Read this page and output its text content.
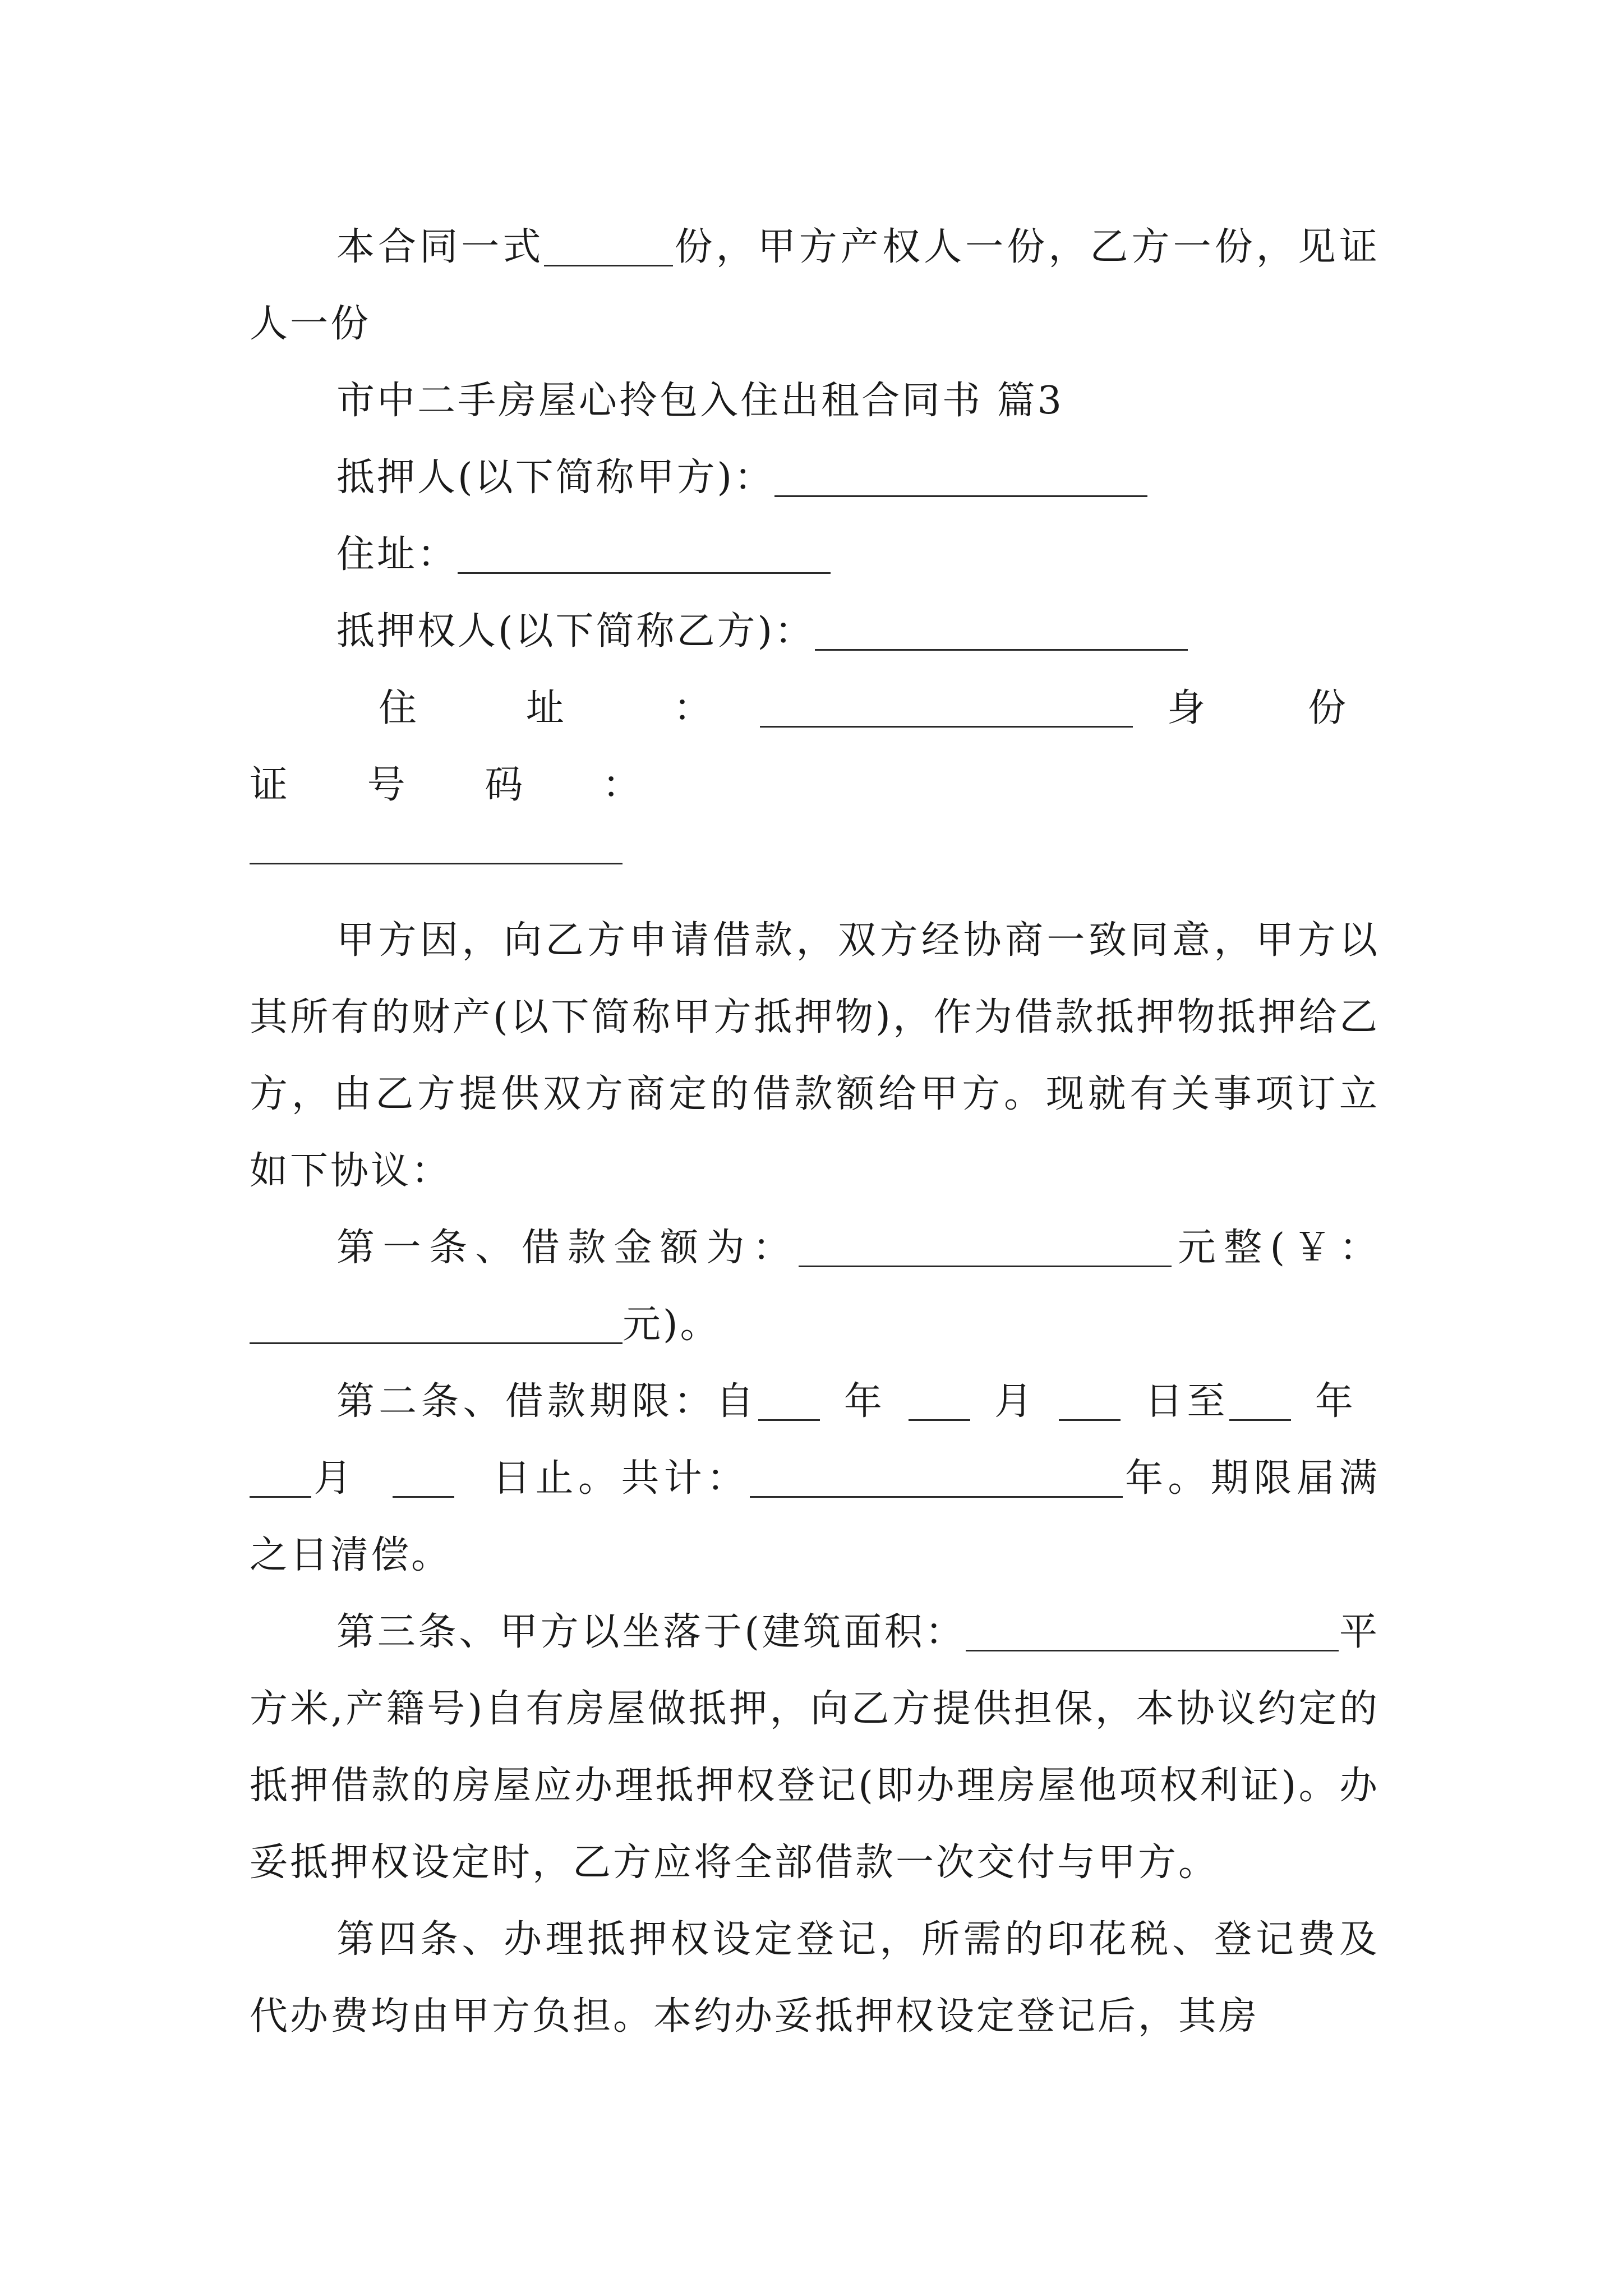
本合同一式	份，甲方产权人一份，乙方一份，见证人一份

市中二手房屋心拎包入住出租合同书 篇3

抵押人(以下简称甲方)：

住址：

抵押权人(以下简称乙方)：

住 址 ：	身 份 证 号 码 ：

甲方因，向乙方申请借款，双方经协商一致同意，甲方以其所有的财产(以下简称甲方抵押物)，作为借款抵押物抵押给乙方，由乙方提供双方商定的借款额给甲方。现就有关事项订立如下协议：

第一条、借款金额为：	元整(￥：元)。

第二条、借款期限：自 年	月	日至 年月	日止。共计：	年。期限届满之日清偿。

第三条、甲方以坐落于(建筑面积：	平方米,产籍号)自有房屋做抵押，向乙方提供担保，本协议约定的抵押借款的房屋应办理抵押权登记(即办理房屋他项权利证)。办妥抵押权设定时，乙方应将全部借款一次交付与甲方。

第四条、办理抵押权设定登记，所需的印花税、登记费及代办费均由甲方负担。本约办妥抵押权设定登记后，其房
